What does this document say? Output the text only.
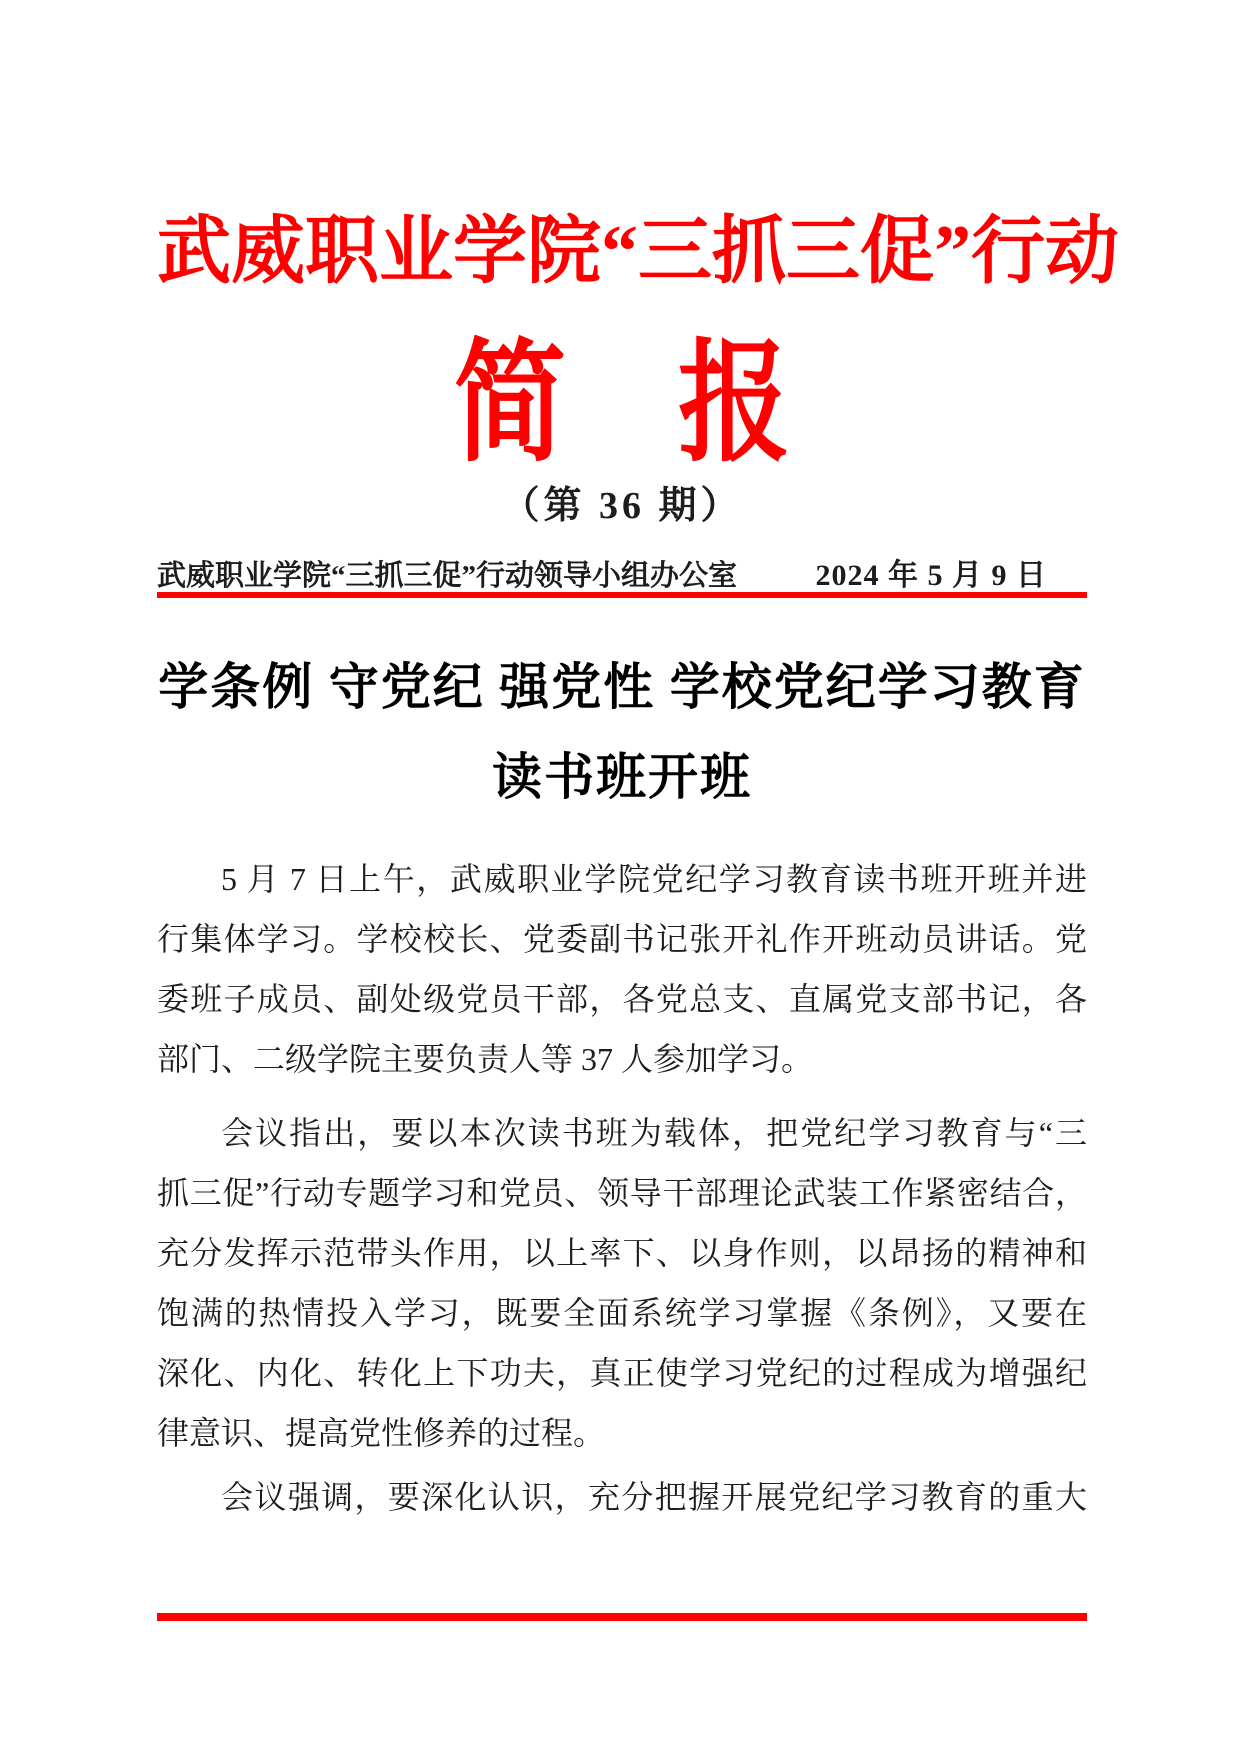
武威职业学院“三抓三促”行动
简　报
（第 36 期）
武威职业学院“三抓三促”行动领导小组办公室	2024 年 5 月 9 日
学条例 守党纪 强党性 学校党纪学习教育
读书班开班
5 月 7 日上午，武威职业学院党纪学习教育读书班开班并进
行集体学习。学校校长、党委副书记张开礼作开班动员讲话。党
委班子成员、副处级党员干部，各党总支、直属党支部书记，各
部门、二级学院主要负责人等 37 人参加学习。
会议指出，要以本次读书班为载体，把党纪学习教育与“三
抓三促”行动专题学习和党员、领导干部理论武装工作紧密结合，
充分发挥示范带头作用，以上率下、以身作则，以昂扬的精神和
饱满的热情投入学习，既要全面系统学习掌握《条例》，又要在
深化、内化、转化上下功夫，真正使学习党纪的过程成为增强纪
律意识、提高党性修养的过程。
会议强调，要深化认识，充分把握开展党纪学习教育的重大
